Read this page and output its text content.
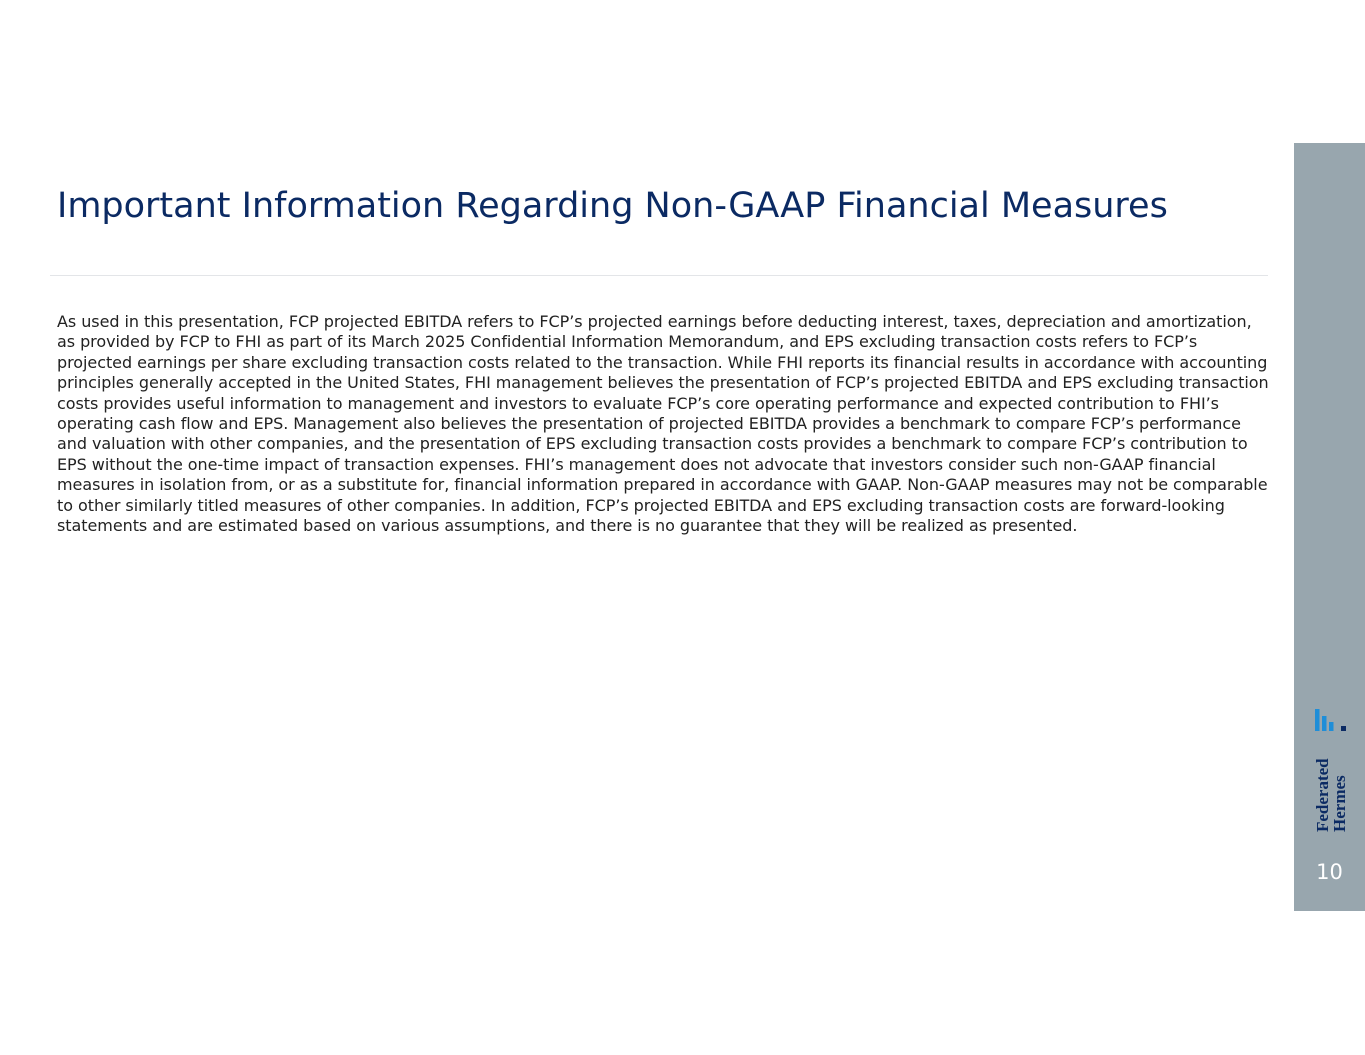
Important Information Regarding Non-GAAP Financial Measures

As used in this presentation, FCP projected EBITDA refers to FCP’s projected earnings before deducting interest, taxes, depreciation and amortization, as provided by FCP to FHI as part of its March 2025 Confidential Information Memorandum, and EPS excluding transaction costs refers to FCP’s projected earnings per share excluding transaction costs related to the transaction. While FHI reports its financial results in accordance with accounting principles generally accepted in the United States, FHI management believes the presentation of FCP’s projected EBITDA and EPS excluding transaction costs provides useful information to management and investors to evaluate FCP’s core operating performance and expected contribution to FHI’s operating cash flow and EPS. Management also believes the presentation of projected EBITDA provides a benchmark to compare FCP’s performance and valuation with other companies, and the presentation of EPS excluding transaction costs provides a benchmark to compare FCP’s contribution to EPS without the one-time impact of transaction expenses. FHI’s management does not advocate that investors consider such non-GAAP financial measures in isolation from, or as a substitute for, financial information prepared in accordance with GAAP. Non-GAAP measures may not be comparable to other similarly titled measures of other companies. In addition, FCP’s projected EBITDA and EPS excluding transaction costs are forward-looking statements and are estimated based on various assumptions, and there is no guarantee that they will be realized as presented.

Federated
Hermes
10
